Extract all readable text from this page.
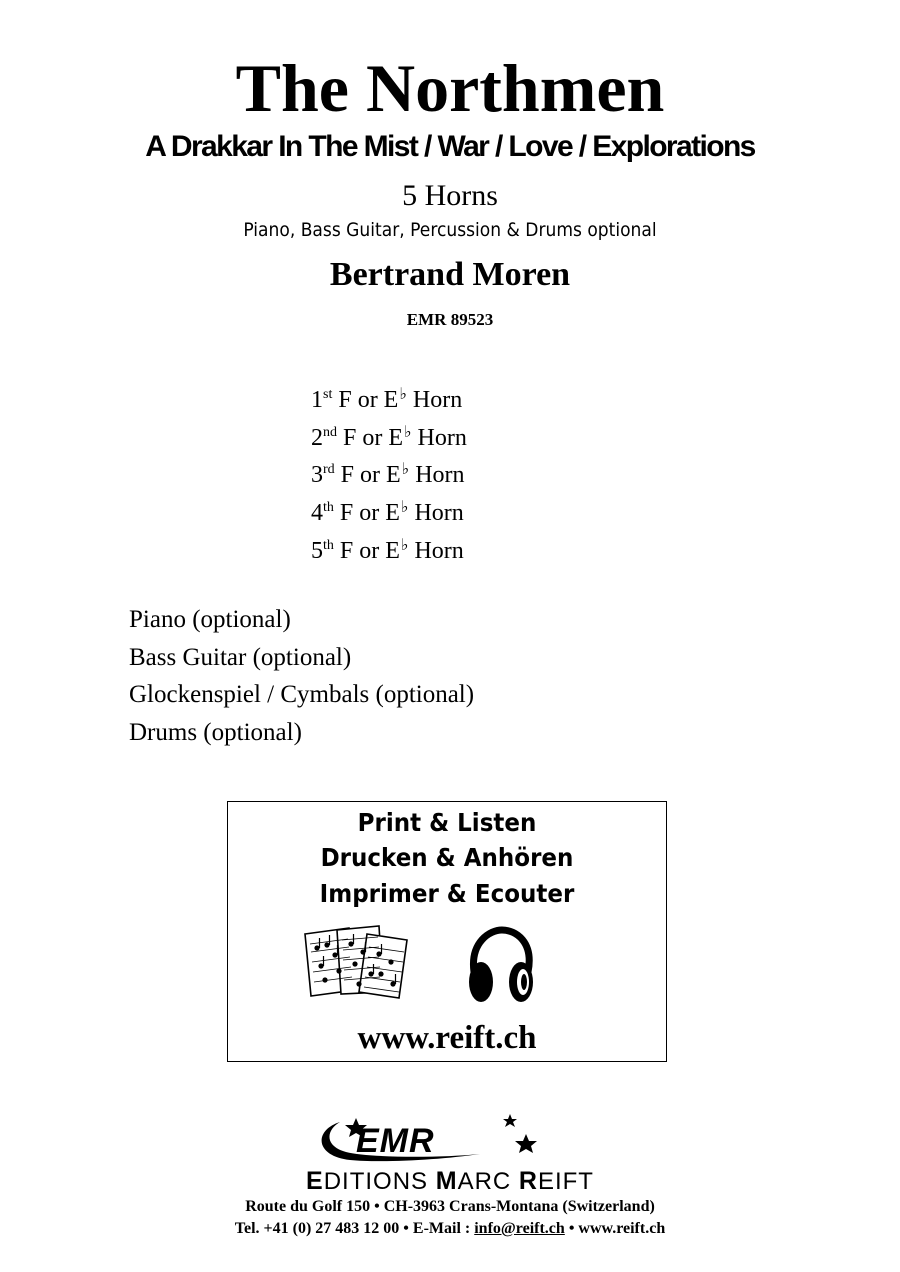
The Northmen
A Drakkar In The Mist / War / Love / Explorations
5 Horns
Piano, Bass Guitar, Percussion & Drums optional
Bertrand Moren
EMR 89523
1st F or E♭ Horn
2nd F or E♭ Horn
3rd F or E♭ Horn
4th F or E♭ Horn
5th F or E♭ Horn
Piano (optional)
Bass Guitar (optional)
Glockenspiel / Cymbals (optional)
Drums (optional)
Print & Listen
Drucken & Anhören
Imprimer & Ecouter
www.reift.ch
EMR
EDITIONS MARC REIFT
Route du Golf 150 • CH-3963 Crans-Montana (Switzerland)
Tel. +41 (0) 27 483 12 00 • E-Mail : info@reift.ch • www.reift.ch
